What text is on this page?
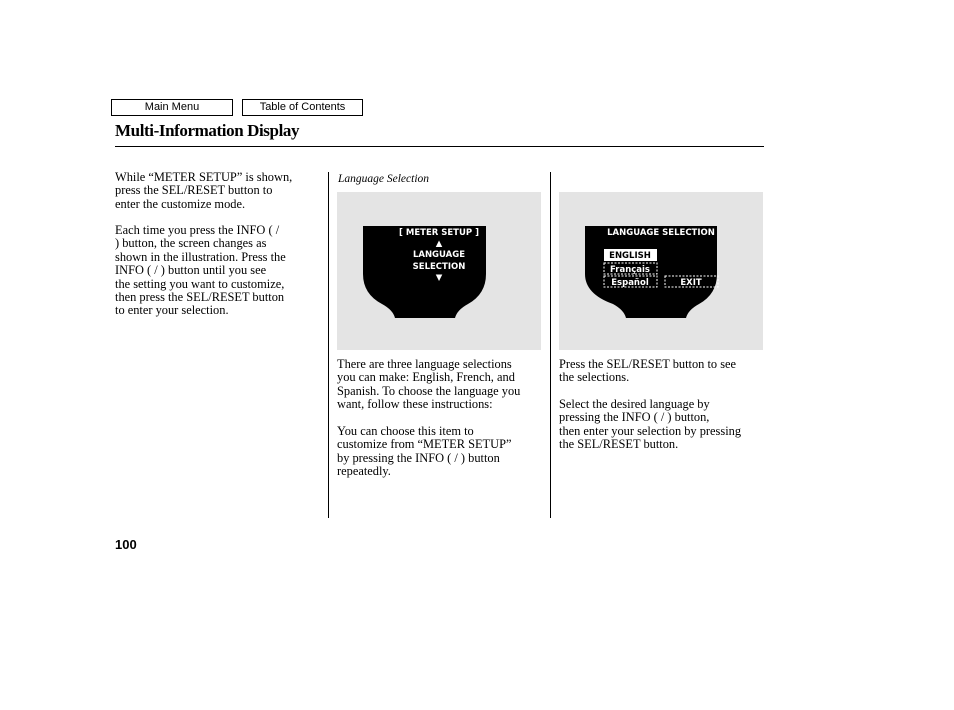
Main Menu	Table of Contents
Multi-Information Display
While “METER SETUP” is shown,
press the SEL/RESET button to
enter the customize mode.
Each time you press the INFO ( /
) button, the screen changes as
shown in the illustration. Press the
INFO ( / ) button until you see
the setting you want to customize,
then press the SEL/RESET button
to enter your selection.
Language Selection
[ METER SETUP ]
▲
LANGUAGE
SELECTION
▼
LANGUAGE SELECTION
ENGLISH
Français
Español	EXIT
There are three language selections
you can make: English, French, and
Spanish. To choose the language you
want, follow these instructions:
You can choose this item to
customize from “METER SETUP”
by pressing the INFO ( / ) button
repeatedly.
Press the SEL/RESET button to see
the selections.
Select the desired language by
pressing the INFO ( / ) button,
then enter your selection by pressing
the SEL/RESET button.
100
